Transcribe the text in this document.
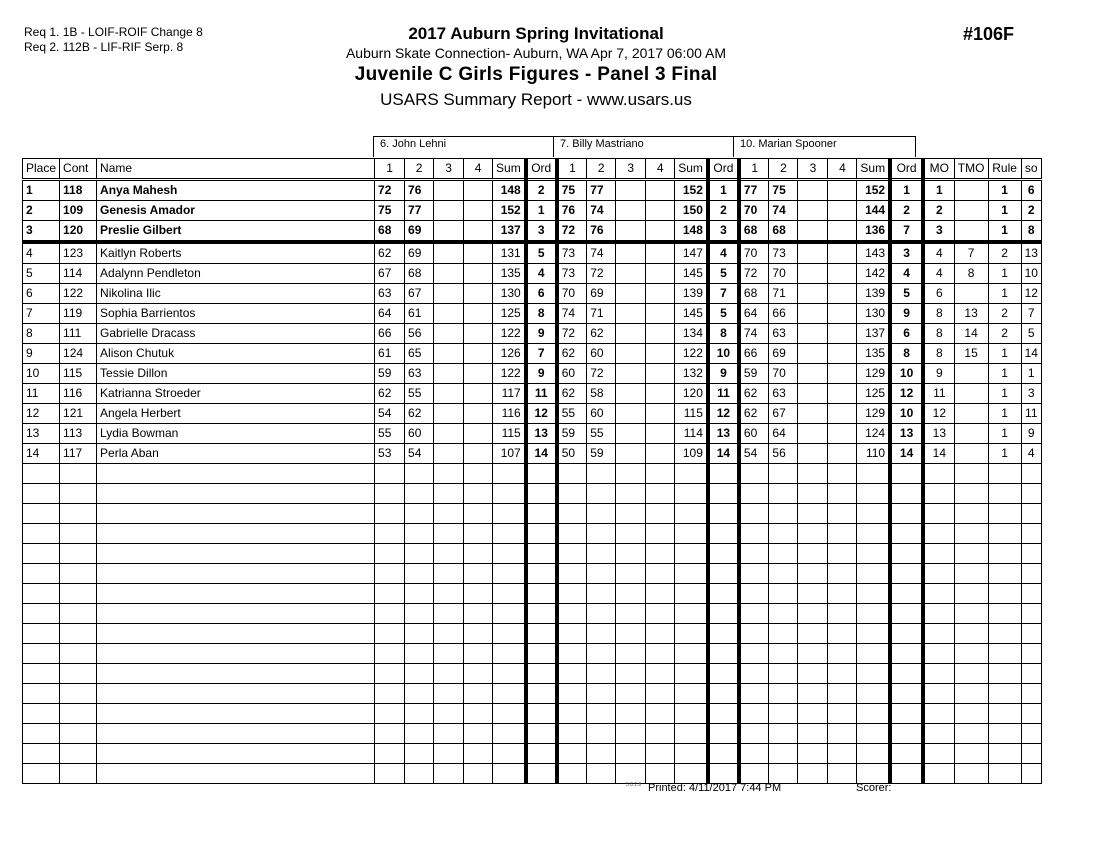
Req 1. 1B - LOIF-ROIF Change 8
Req 2. 112B - LIF-RIF Serp. 8
#106F
2017 Auburn Spring Invitational
Auburn Skate Connection- Auburn, WA Apr 7, 2017 06:00 AM
Juvenile C Girls Figures - Panel 3 Final
USARS Summary Report - www.usars.us
6. John Lehni	7. Billy Mastriano	10. Marian Spooner
Place	Cont	Name	1	2	3	4	Sum	Ord	1	2	3	4	Sum	Ord	1	2	3	4	Sum	Ord	MO	TMO	Rule	so
1	118	Anya Mahesh	72	76			148	2	75	77			152	1	77	75			152	1	1		1	6
2	109	Genesis Amador	75	77			152	1	76	74			150	2	70	74			144	2	2		1	2
3	120	Preslie Gilbert	68	69			137	3	72	76			148	3	68	68			136	7	3		1	8
4	123	Kaitlyn Roberts	62	69			131	5	73	74			147	4	70	73			143	3	4	7	2	13
5	114	Adalynn Pendleton	67	68			135	4	73	72			145	5	72	70			142	4	4	8	1	10
6	122	Nikolina Ilic	63	67			130	6	70	69			139	7	68	71			139	5	6		1	12
7	119	Sophia Barrientos	64	61			125	8	74	71			145	5	64	66			130	9	8	13	2	7
8	111	Gabrielle Dracass	66	56			122	9	72	62			134	8	74	63			137	6	8	14	2	5
9	124	Alison Chutuk	61	65			126	7	62	60			122	10	66	69			135	8	8	15	1	14
10	115	Tessie Dillon	59	63			122	9	60	72			132	9	59	70			129	10	9		1	1
11	116	Katrianna Stroeder	62	55			117	11	62	58			120	11	62	63			125	12	11		1	3
12	121	Angela Herbert	54	62			116	12	55	60			115	12	62	67			129	10	12		1	11
13	113	Lydia Bowman	55	60			115	13	59	55			114	13	60	64			124	13	13		1	9
14	117	Perla Aban	53	54			107	14	50	59			109	14	54	56			110	14	14		1	4

3.8.1.8 Printed: 4/11/2017 7:44 PM	Scorer:
